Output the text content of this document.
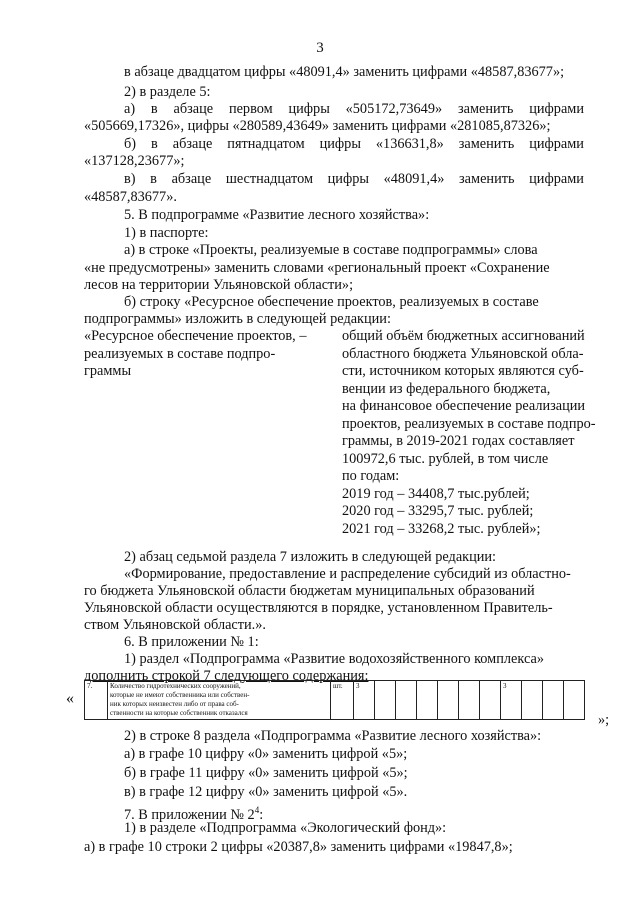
3
в абзаце двадцатом цифры «48091,4» заменить цифрами «48587,83677»;
2) в разделе 5:
а) в абзаце первом цифры «505172,73649» заменить цифрами
«505669,17326», цифры «280589,43649» заменить цифрами «281085,87326»;
б) в абзаце пятнадцатом цифры «136631,8» заменить цифрами
«137128,23677»;
в) в абзаце шестнадцатом цифры «48091,4» заменить цифрами
«48587,83677».
5. В подпрограмме «Развитие лесного хозяйства»:
1) в паспорте:
а) в строке «Проекты, реализуемые в составе подпрограммы» слова
«не предусмотрены» заменить словами «региональный проект «Сохранение
лесов на территории Ульяновской области»;
б) строку «Ресурсное обеспечение проектов, реализуемых в составе
подпрограммы» изложить в следующей редакции:
«Ресурсное обеспечение проектов, –
реализуемых в составе подпро-
граммы
общий объём бюджетных ассигнований
областного бюджета Ульяновской обла-
сти, источником которых являются суб-
венции из федерального бюджета,
на финансовое обеспечение реализации
проектов, реализуемых в составе подпро-
граммы, в 2019-2021 годах составляет
100972,6 тыс. рублей, в том числе
по годам:
2019 год – 34408,7 тыс.рублей;
2020 год – 33295,7 тыс. рублей;
2021 год – 33268,2 тыс. рублей»;
2) абзац седьмой раздела 7 изложить в следующей редакции:
«Формирование, предоставление и распределение субсидий из областно-
го бюджета Ульяновской области бюджетам муниципальных образований
Ульяновской области осуществляются в порядке, установленном Правитель-
ством Ульяновской области.».
6. В приложении № 1:
1) раздел «Подпрограмма «Развитие водохозяйственного комплекса»
дополнить строкой 7 следующего содержания:
«
7.	Количество гидротехнических сооружений,
которые не имеют собственника или собствен-
ник которых неизвестен либо от права соб-
ственности на которые собственник отказался
	шт.	3							3			
»;
2) в строке 8 раздела «Подпрограмма «Развитие лесного хозяйства»:
а) в графе 10 цифру «0» заменить цифрой «5»;
б) в графе 11 цифру «0» заменить цифрой «5»;
в) в графе 12 цифру «0» заменить цифрой «5».
7. В приложении № $2^4$:
1) в разделе «Подпрограмма «Экологический фонд»:
а) в графе 10 строки 2 цифры «20387,8» заменить цифрами «19847,8»;
